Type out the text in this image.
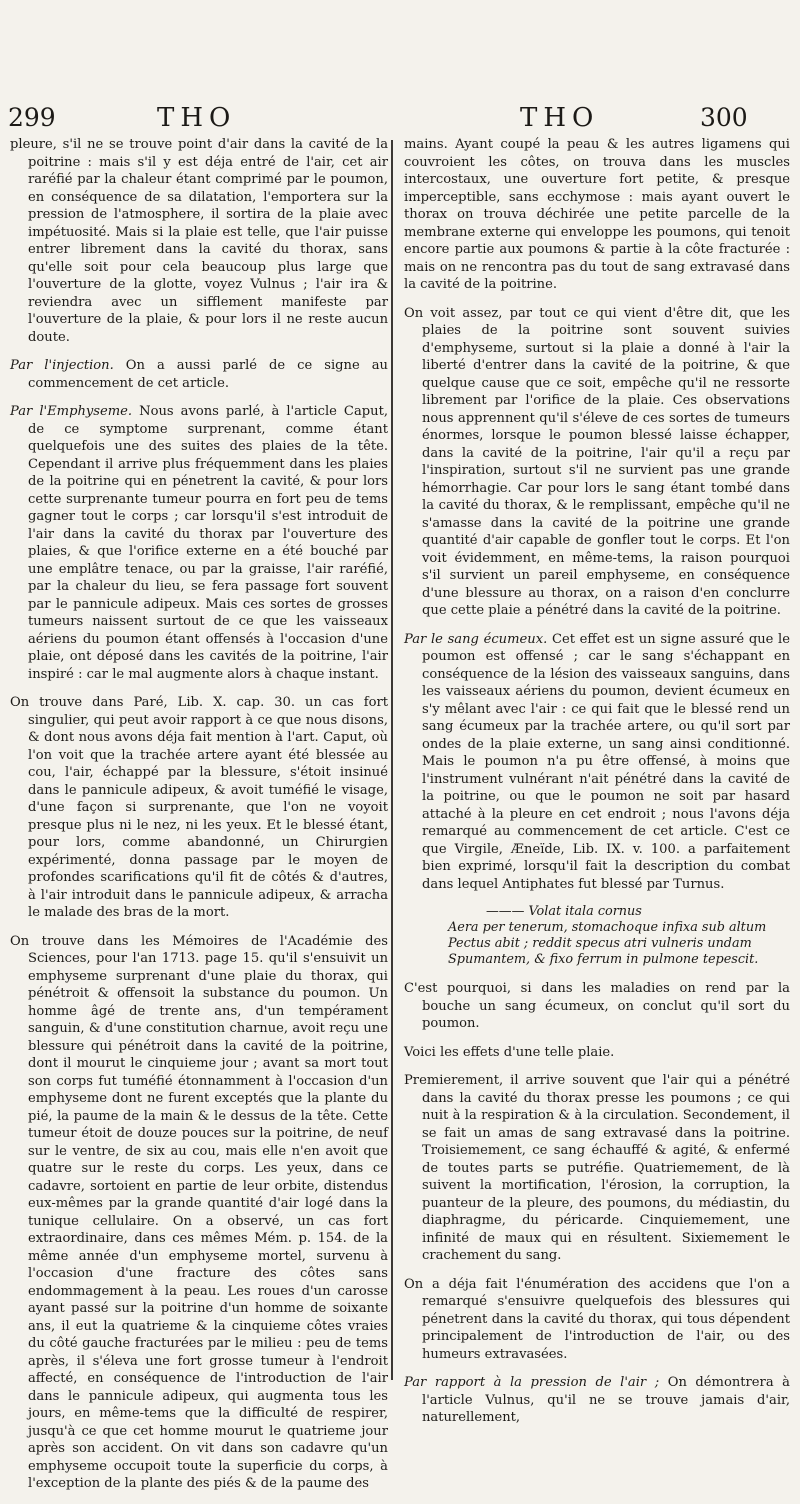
299	THO	THO	300

pleure, s'il ne se trouve point d'air dans la cavité de la poitrine : mais s'il y est déja entré de l'air, cet air raréfié par la chaleur étant comprimé par le poumon, en conséquence de sa dilatation, l'emportera sur la pression de l'atmosphere, il sortira de la plaie avec impétuosité. Mais si la plaie est telle, que l'air puisse entrer librement dans la cavité du thorax, sans qu'elle soit pour cela beaucoup plus large que l'ouverture de la glotte, voyez Vulnus ; l'air ira & reviendra avec un sifflement manifeste par l'ouverture de la plaie, & pour lors il ne reste aucun doute.

Par l'injection. On a aussi parlé de ce signe au commencement de cet article.

Par l'Emphyseme. Nous avons parlé, à l'article Caput, de ce symptome surprenant, comme étant quelquefois une des suites des plaies de la tête. Cependant il arrive plus fréquemment dans les plaies de la poitrine qui en pénetrent la cavité, & pour lors cette surprenante tumeur pourra en fort peu de tems gagner tout le corps ; car lorsqu'il s'est introduit de l'air dans la cavité du thorax par l'ouverture des plaies, & que l'orifice externe en a été bouché par une emplâtre tenace, ou par la graisse, l'air raréfié, par la chaleur du lieu, se fera passage fort souvent par le pannicule adipeux. Mais ces sortes de grosses tumeurs naissent surtout de ce que les vaisseaux aériens du poumon étant offensés à l'occasion d'une plaie, ont déposé dans les cavités de la poitrine, l'air inspiré : car le mal augmente alors à chaque instant.

On trouve dans Paré, Lib. X. cap. 30. un cas fort singulier, qui peut avoir rapport à ce que nous disons, & dont nous avons déja fait mention à l'art. Caput, où l'on voit que la trachée artere ayant été blessée au cou, l'air, échappé par la blessure, s'étoit insinué dans le pannicule adipeux, & avoit tuméfié le visage, d'une façon si surprenante, que l'on ne voyoit presque plus ni le nez, ni les yeux. Et le blessé étant, pour lors, comme abandonné, un Chirurgien expérimenté, donna passage par le moyen de profondes scarifications qu'il fit de côtés & d'autres, à l'air introduit dans le pannicule adipeux, & arracha le malade des bras de la mort.

On trouve dans les Mémoires de l'Académie des Sciences, pour l'an 1713. page 15. qu'il s'ensuivit un emphyseme surprenant d'une plaie du thorax, qui pénétroit & offensoit la substance du poumon. Un homme âgé de trente ans, d'un tempérament sanguin, & d'une constitution charnue, avoit reçu une blessure qui pénétroit dans la cavité de la poitrine, dont il mourut le cinquieme jour ; avant sa mort tout son corps fut tuméfié étonnamment à l'occasion d'un emphyseme dont ne furent exceptés que la plante du pié, la paume de la main & le dessus de la tête. Cette tumeur étoit de douze pouces sur la poitrine, de neuf sur le ventre, de six au cou, mais elle n'en avoit que quatre sur le reste du corps. Les yeux, dans ce cadavre, sortoient en partie de leur orbite, distendus eux-mêmes par la grande quantité d'air logé dans la tunique cellulaire. On a observé, un cas fort extraordinaire, dans ces mêmes Mém. p. 154. de la même année d'un emphyseme mortel, survenu à l'occasion d'une fracture des côtes sans endommagement à la peau. Les roues d'un carosse ayant passé sur la poitrine d'un homme de soixante ans, il eut la quatrieme & la cinquieme côtes vraies du côté gauche fracturées par le milieu : peu de tems après, il s'éleva une fort grosse tumeur à l'endroit affecté, en conséquence de l'introduction de l'air dans le pannicule adipeux, qui augmenta tous les jours, en même-tems que la difficulté de respirer, jusqu'à ce que cet homme mourut le quatrieme jour après son accident. On vit dans son cadavre qu'un emphyseme occupoit toute la superficie du corps, à l'exception de la plante des piés & de la paume des

mains. Ayant coupé la peau & les autres ligamens qui couvroient les côtes, on trouva dans les muscles intercostaux, une ouverture fort petite, & presque imperceptible, sans ecchymose : mais ayant ouvert le thorax on trouva déchirée une petite parcelle de la membrane externe qui enveloppe les poumons, qui tenoit encore partie aux poumons & partie à la côte fracturée : mais on ne rencontra pas du tout de sang extravasé dans la cavité de la poitrine.

On voit assez, par tout ce qui vient d'être dit, que les plaies de la poitrine sont souvent suivies d'emphyseme, surtout si la plaie a donné à l'air la liberté d'entrer dans la cavité de la poitrine, & que quelque cause que ce soit, empêche qu'il ne ressorte librement par l'orifice de la plaie. Ces observations nous apprennent qu'il s'éleve de ces sortes de tumeurs énormes, lorsque le poumon blessé laisse échapper, dans la cavité de la poitrine, l'air qu'il a reçu par l'inspiration, surtout s'il ne survient pas une grande hémorrhagie. Car pour lors le sang étant tombé dans la cavité du thorax, & le remplissant, empêche qu'il ne s'amasse dans la cavité de la poitrine une grande quantité d'air capable de gonfler tout le corps. Et l'on voit évidemment, en même-tems, la raison pourquoi s'il survient un pareil emphyseme, en conséquence d'une blessure au thorax, on a raison d'en conclurre que cette plaie a pénétré dans la cavité de la poitrine.

Par le sang écumeux. Cet effet est un signe assuré que le poumon est offensé ; car le sang s'échappant en conséquence de la lésion des vaisseaux sanguins, dans les vaisseaux aériens du poumon, devient écumeux en s'y mêlant avec l'air : ce qui fait que le blessé rend un sang écumeux par la trachée artere, ou qu'il sort par ondes de la plaie externe, un sang ainsi conditionné. Mais le poumon n'a pu être offensé, à moins que l'instrument vulnérant n'ait pénétré dans la cavité de la poitrine, ou que le poumon ne soit par hasard attaché à la pleure en cet endroit ; nous l'avons déja remarqué au commencement de cet article. C'est ce que Virgile, Æneïde, Lib. IX. v. 100. a parfaitement bien exprimé, lorsqu'il fait la description du combat dans lequel Antiphates fut blessé par Turnus.

——— Volat itala cornus
Aera per tenerum, stomachoque infixa sub altum
Pectus abit ; reddit specus atri vulneris undam
Spumantem, & fixo ferrum in pulmone tepescit.

C'est pourquoi, si dans les maladies on rend par la bouche un sang écumeux, on conclut qu'il sort du poumon.

Voici les effets d'une telle plaie.

Premierement, il arrive souvent que l'air qui a pénétré dans la cavité du thorax presse les poumons ; ce qui nuit à la respiration & à la circulation. Secondement, il se fait un amas de sang extravasé dans la poitrine. Troisiemement, ce sang échauffé & agité, & enfermé de toutes parts se putréfie. Quatriemement, de là suivent la mortification, l'érosion, la corruption, la puanteur de la pleure, des poumons, du médiastin, du diaphragme, du péricarde. Cinquiemement, une infinité de maux qui en résultent. Sixiemement le crachement du sang.

On a déja fait l'énumération des accidens que l'on a remarqué s'ensuivre quelquefois des blessures qui pénetrent dans la cavité du thorax, qui tous dépendent principalement de l'introduction de l'air, ou des humeurs extravasées.

Par rapport à la pression de l'air ; On démontrera à l'article Vulnus, qu'il ne se trouve jamais d'air, naturellement,
